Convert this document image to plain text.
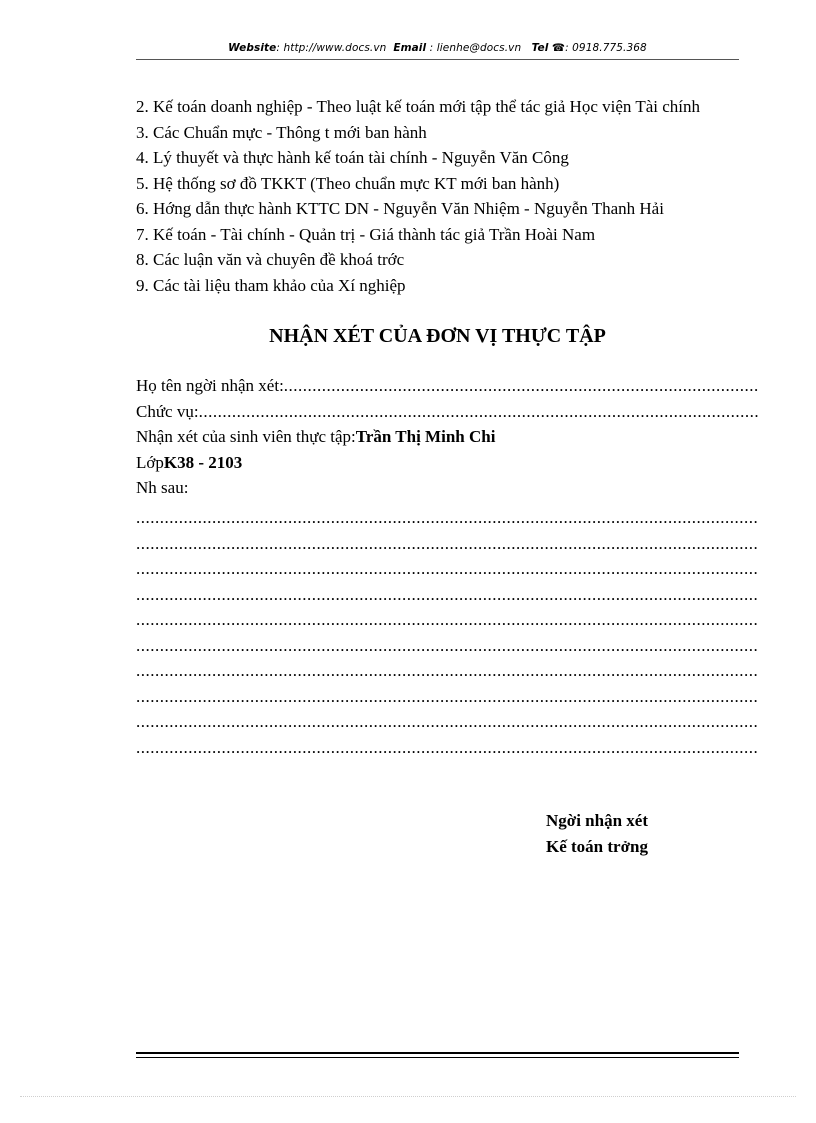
Website: http://www.docs.vn Email : lienhe@docs.vn Tel ☎: 0918.775.368
2. Kế toán doanh nghiệp - Theo luật kế toán mới tập thể tác giả Học viện Tài chính
3. Các Chuẩn mực - Thông t mới ban hành
4. Lý thuyết và thực hành kế toán tài chính - Nguyễn Văn Công
5. Hệ thống sơ đồ TKKT (Theo chuẩn mực KT mới ban hành)
6. Hớng dẫn thực hành KTTC DN - Nguyễn Văn Nhiệm - Nguyễn Thanh Hải
7. Kế toán - Tài chính - Quản trị - Giá thành tác giả Trần Hoài Nam
8. Các luận văn và chuyên đề khoá trớc
9. Các tài liệu tham khảo của Xí nghiệp
NHẬN XÉT CỦA ĐƠN VỊ THỰC TẬP
Họ tên ngời nhận xét:
.....
Chức vụ:
.....
Nhận xét của sinh viên thực tập: Trần Thị Minh Chi
Lớp K38 - 2103
Nh sau:
.....
.....
.....
.....
.....
.....
.....
.....
.....
.....
Ngời nhận xét
Kế toán trởng
